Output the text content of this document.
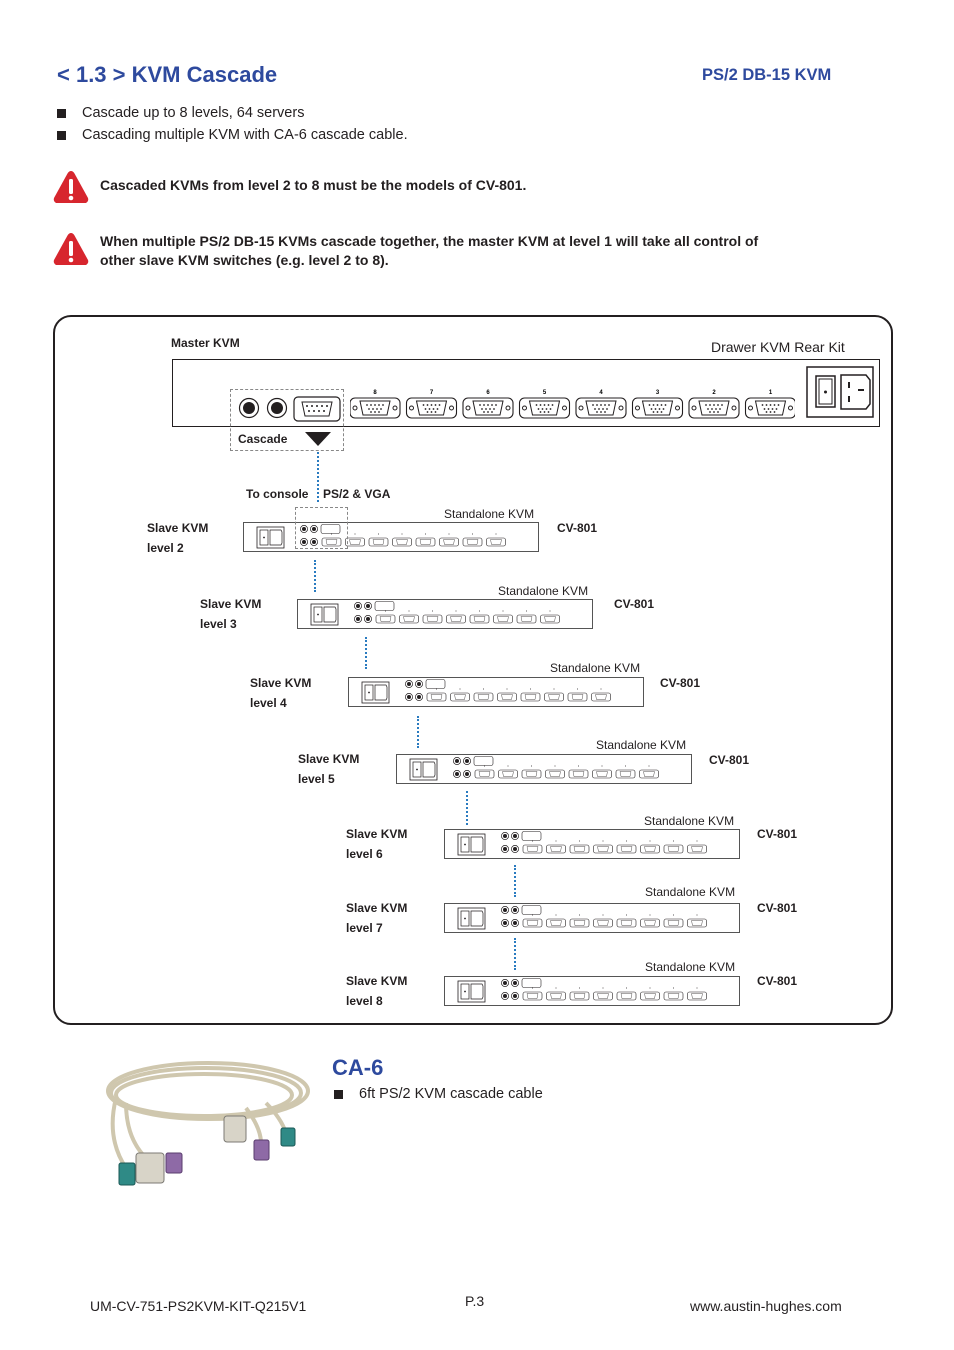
< 1.3 > KVM Cascade	PS/2 DB-15 KVM
Cascade up to 8 levels, 64 servers
Cascading multiple KVM with CA-6 cascade cable.
Cascaded KVMs from level 2 to 8 must be the models of CV-801.
When multiple PS/2 DB-15 KVMs cascade together, the master KVM at level 1 will take all control of
other slave KVM switches (e.g. level 2 to 8).
Master KVM	Drawer KVM Rear Kit
Cascade
8	7	6	5	4	3	2	1
To console PS/2 & VGA
Slave KVM
level 2
Standalone KVM
CV-801
Slave KVM
level 3
Standalone KVM
CV-801
Slave KVM
level 4
Standalone KVM
CV-801
Slave KVM
level 5
Standalone KVM
CV-801
Slave KVM
level 6
Standalone KVM
CV-801
Slave KVM
level 7
Standalone KVM
CV-801
Slave KVM
level 8
Standalone KVM
CV-801
CA-6
6ft PS/2 KVM cascade cable
UM-CV-751-PS2KVM-KIT-Q215V1	P.3	www.austin-hughes.com
